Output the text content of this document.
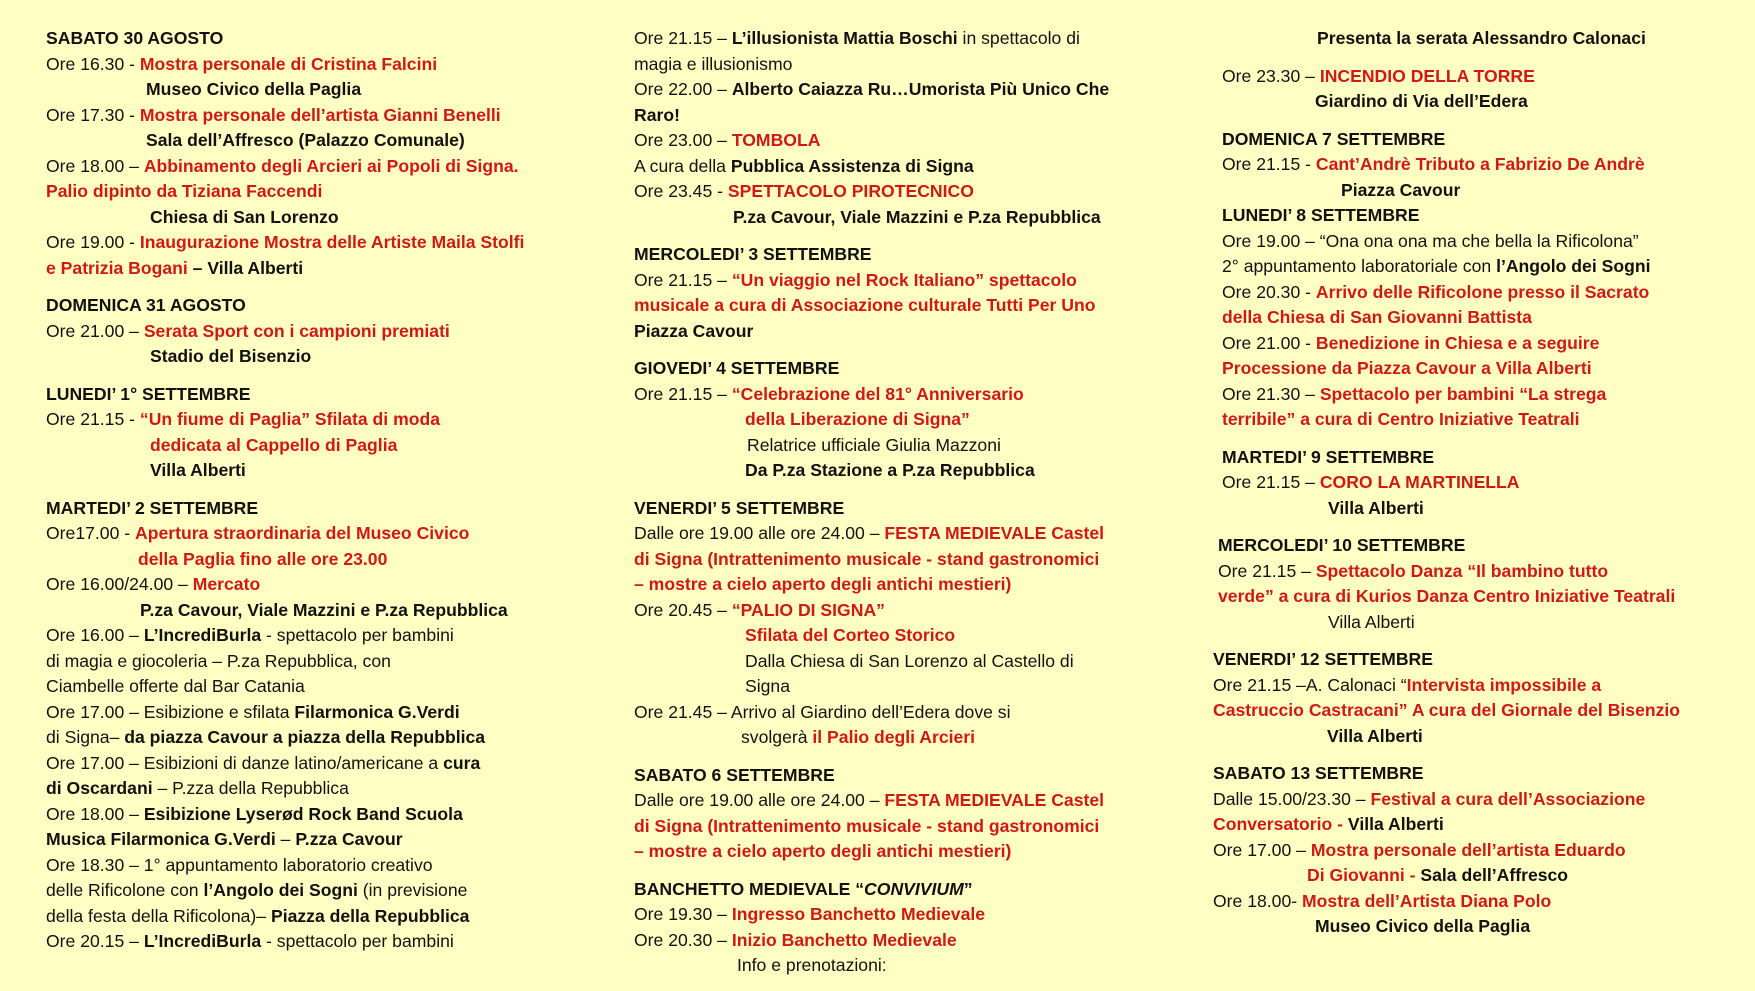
SABATO 30 AGOSTO
Ore 16.30 - Mostra personale di Cristina Falcini
Museo Civico della Paglia
Ore 17.30 - Mostra personale dell’artista Gianni Benelli
Sala dell’Affresco (Palazzo Comunale)
Ore 18.00 – Abbinamento degli Arcieri ai Popoli di Signa.
Palio dipinto da Tiziana Faccendi
Chiesa di San Lorenzo
Ore 19.00 - Inaugurazione Mostra delle Artiste Maila Stolfi
e Patrizia Bogani – Villa Alberti
DOMENICA 31 AGOSTO
Ore 21.00 – Serata Sport con i campioni premiati
Stadio del Bisenzio
LUNEDI’ 1° SETTEMBRE
Ore 21.15 - “Un fiume di Paglia” Sfilata di moda
dedicata al Cappello di Paglia
Villa Alberti
MARTEDI’ 2 SETTEMBRE
Ore17.00 - Apertura straordinaria del Museo Civico
della Paglia fino alle ore 23.00
Ore 16.00/24.00 – Mercato
P.za Cavour, Viale Mazzini e P.za Repubblica
Ore 16.00 – L’IncrediBurla - spettacolo per bambini
di magia e giocoleria – P.za Repubblica, con
Ciambelle offerte dal Bar Catania
Ore 17.00 – Esibizione e sfilata Filarmonica G.Verdi
di Signa– da piazza Cavour a piazza della Repubblica
Ore 17.00 – Esibizioni di danze latino/americane a cura
di Oscardani – P.zza della Repubblica
Ore 18.00 – Esibizione Lyserød Rock Band Scuola
Musica Filarmonica G.Verdi – P.zza Cavour
Ore 18.30 – 1° appuntamento laboratorio creativo
delle Rificolone con l’Angolo dei Sogni (in previsione
della festa della Rificolona)– Piazza della Repubblica
Ore 20.15 – L’IncrediBurla - spettacolo per bambini
Ore 21.15 – L’illusionista Mattia Boschi in spettacolo di
magia e illusionismo
Ore 22.00 – Alberto Caiazza Ru…Umorista Più Unico Che
Raro!
Ore 23.00 – TOMBOLA
A cura della Pubblica Assistenza di Signa
Ore 23.45 - SPETTACOLO PIROTECNICO
P.za Cavour, Viale Mazzini e P.za Repubblica
MERCOLEDI’ 3 SETTEMBRE
Ore 21.15 – “Un viaggio nel Rock Italiano” spettacolo
musicale a cura di Associazione culturale Tutti Per Uno
Piazza Cavour
GIOVEDI’ 4 SETTEMBRE
Ore 21.15 – “Celebrazione del 81° Anniversario
della Liberazione di Signa”
Relatrice ufficiale Giulia Mazzoni
Da P.za Stazione a P.za Repubblica
VENERDI’ 5 SETTEMBRE
Dalle ore 19.00 alle ore 24.00 – FESTA MEDIEVALE Castel
di Signa (Intrattenimento musicale - stand gastronomici
– mostre a cielo aperto degli antichi mestieri)
Ore 20.45 – “PALIO DI SIGNA”
Sfilata del Corteo Storico
Dalla Chiesa di San Lorenzo al Castello di
Signa
Ore 21.45 – Arrivo al Giardino dell’Edera dove si
svolgerà il Palio degli Arcieri
SABATO 6 SETTEMBRE
Dalle ore 19.00 alle ore 24.00 – FESTA MEDIEVALE Castel
di Signa (Intrattenimento musicale - stand gastronomici
– mostre a cielo aperto degli antichi mestieri)
BANCHETTO MEDIEVALE “CONVIVIUM”
Ore 19.30 – Ingresso Banchetto Medievale
Ore 20.30 – Inizio Banchetto Medievale
Info e prenotazioni:
Presenta la serata Alessandro Calonaci
Ore 23.30 – INCENDIO DELLA TORRE
Giardino di Via dell’Edera
DOMENICA 7 SETTEMBRE
Ore 21.15 - Cant’Andrè Tributo a Fabrizio De Andrè
Piazza Cavour
LUNEDI’ 8 SETTEMBRE
Ore 19.00 – “Ona ona ona ma che bella la Rificolona”
2° appuntamento laboratoriale con l’Angolo dei Sogni
Ore 20.30 - Arrivo delle Rificolone presso il Sacrato
della Chiesa di San Giovanni Battista
Ore 21.00 - Benedizione in Chiesa e a seguire
Processione da Piazza Cavour a Villa Alberti
Ore 21.30 – Spettacolo per bambini “La strega
terribile” a cura di Centro Iniziative Teatrali
MARTEDI’ 9 SETTEMBRE
Ore 21.15 – CORO LA MARTINELLA
Villa Alberti
MERCOLEDI’ 10 SETTEMBRE
Ore 21.15 – Spettacolo Danza “Il bambino tutto
verde” a cura di Kurios Danza Centro Iniziative Teatrali
Villa Alberti
VENERDI’ 12 SETTEMBRE
Ore 21.15 –A. Calonaci “Intervista impossibile a
Castruccio Castracani” A cura del Giornale del Bisenzio
Villa Alberti
SABATO 13 SETTEMBRE
Dalle 15.00/23.30 – Festival a cura dell’Associazione
Conversatorio - Villa Alberti
Ore 17.00 – Mostra personale dell’artista Eduardo
Di Giovanni - Sala dell’Affresco
Ore 18.00- Mostra dell’Artista Diana Polo
Museo Civico della Paglia
